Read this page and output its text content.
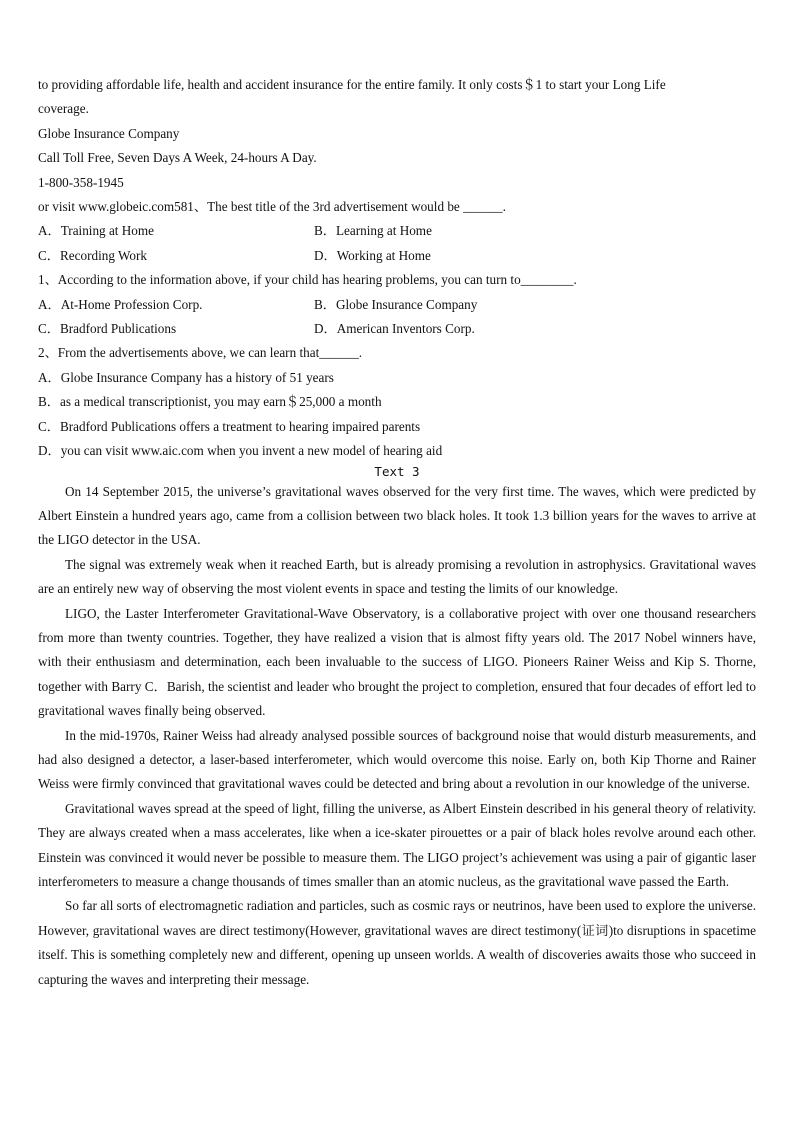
to providing affordable life, health and accident insurance for the entire family. It only costs＄1 to start your Long Life
coverage.
Globe Insurance Company
Call Toll Free, Seven Days A Week, 24-hours A Day.
1-800-358-1945
or visit www.globeic.com581、The best title of the 3rd advertisement would be ______.
A．Training at Home	B．Learning at Home
C．Recording Work	D．Working at Home
1、According to the information above, if your child has hearing problems, you can turn to________.
A．At-Home Profession Corp.	B．Globe Insurance Company
C．Bradford Publications	D．American Inventors Corp.
2、From the advertisements above, we can learn that______.
A．Globe Insurance Company has a history of 51 years
B．as a medical transcriptionist, you may earn＄25,000 a month
C．Bradford Publications offers a treatment to hearing impaired parents
D．you can visit www.aic.com when you invent a new model of hearing aid
Text 3

On 14 September 2015, the universe’s gravitational waves observed for the very first time. The waves, which were predicted by Albert Einstein a hundred years ago, came from a collision between two black holes. It took 1.3 billion years for the waves to arrive at the LIGO detector in the USA.

The signal was extremely weak when it reached Earth, but is already promising a revolution in astrophysics. Gravitational waves are an entirely new way of observing the most violent events in space and testing the limits of our knowledge.

LIGO, the Laster Interferometer Gravitational-Wave Observatory, is a collaborative project with over one thousand researchers from more than twenty countries. Together, they have realized a vision that is almost fifty years old. The 2017 Nobel winners have, with their enthusiasm and determination, each been invaluable to the success of LIGO. Pioneers Rainer Weiss and Kip S. Thorne, together with Barry C．Barish, the scientist and leader who brought the project to completion, ensured that four decades of effort led to gravitational waves finally being observed.

In the mid-1970s, Rainer Weiss had already analysed possible sources of background noise that would disturb measurements, and had also designed a detector, a laser-based interferometer, which would overcome this noise. Early on, both Kip Thorne and Rainer Weiss were firmly convinced that gravitational waves could be detected and bring about a revolution in our knowledge of the universe.

Gravitational waves spread at the speed of light, filling the universe, as Albert Einstein described in his general theory of relativity. They are always created when a mass accelerates, like when a ice-skater pirouettes or a pair of black holes revolve around each other. Einstein was convinced it would never be possible to measure them. The LIGO project’s achievement was using a pair of gigantic laser interferometers to measure a change thousands of times smaller than an atomic nucleus, as the gravitational wave passed the Earth.

So far all sorts of electromagnetic radiation and particles, such as cosmic rays or neutrinos, have been used to explore the universe. However, gravitational waves are direct testimony(However, gravitational waves are direct testimony(证词)to disruptions in spacetime itself. This is something completely new and different, opening up unseen worlds. A wealth of discoveries awaits those who succeed in capturing the waves and interpreting their message.
